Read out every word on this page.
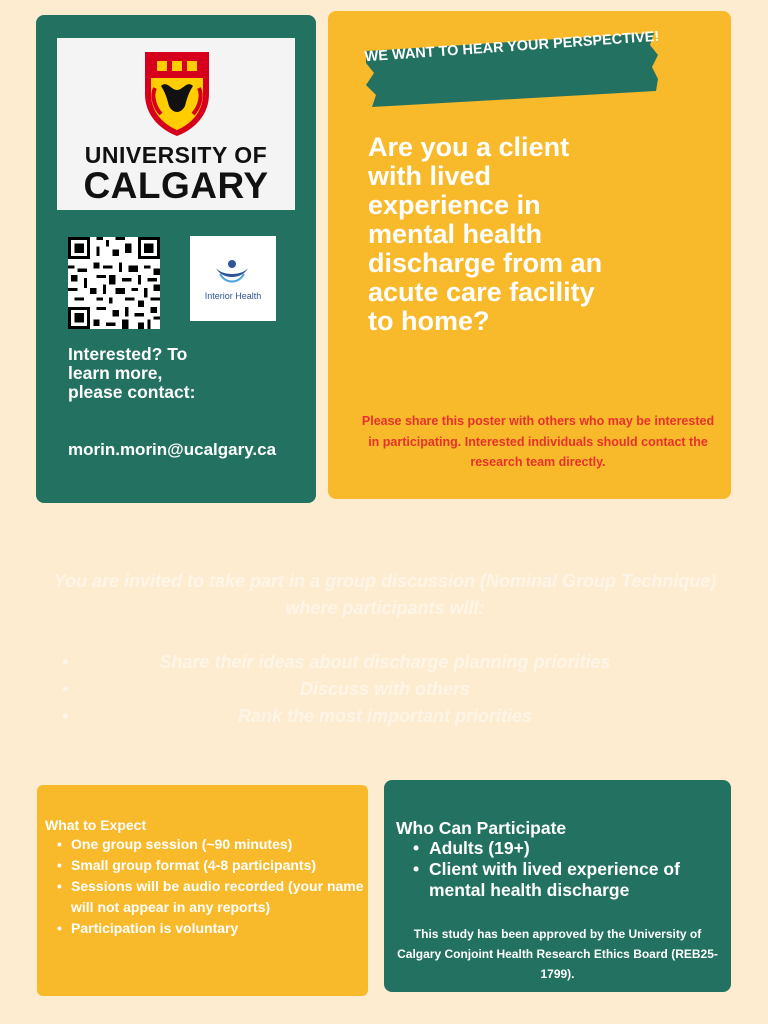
UNIVERSITY OF
CALGARY
Interior Health
Interested? To learn more, please contact:
morin.morin@ucalgary.ca
WE WANT TO HEAR YOUR PERSPECTIVE!
Are you a client with lived experience in mental health discharge from an acute care facility to home?
Please share this poster with others who may be interested in participating. Interested individuals should contact the research team directly.
You are invited to take part in a group discussion (Nominal Group Technique) where participants will:
•	Share their ideas about discharge planning priorities
•	Discuss with others
•	Rank the most important priorities
What to Expect
• One group session (~90 minutes)
• Small group format (4-8 participants)
• Sessions will be audio recorded (your name will not appear in any reports)
• Participation is voluntary
Who Can Participate
• Adults (19+)
• Client with lived experience of mental health discharge
This study has been approved by the University of Calgary Conjoint Health Research Ethics Board (REB25-1799).
